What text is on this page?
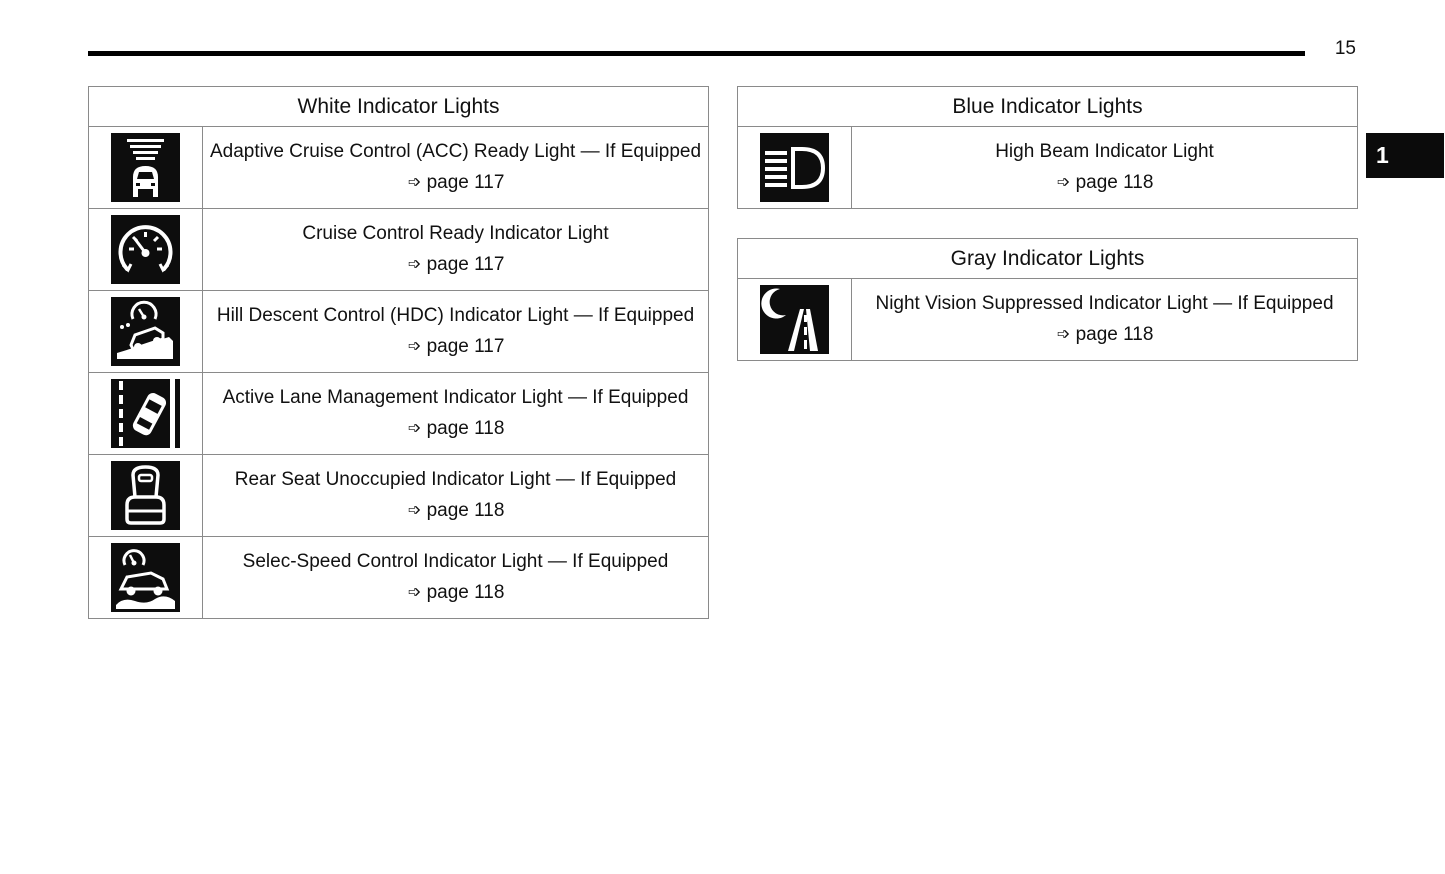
15
1
White Indicator Lights	

Adaptive Cruise Control (ACC) Ready Light — If Equipped
➩ page 117

Cruise Control Ready Indicator Light
➩ page 117

Hill Descent Control (HDC) Indicator Light — If Equipped
➩ page 117

Active Lane Management Indicator Light — If Equipped
➩ page 118

Rear Seat Unoccupied Indicator Light — If Equipped
➩ page 118

Selec-Speed Control Indicator Light — If Equipped
➩ page 118
Blue Indicator Lights

High Beam Indicator Light
➩ page 118
Gray Indicator Lights

Night Vision Suppressed Indicator Light — If Equipped
➩ page 118
